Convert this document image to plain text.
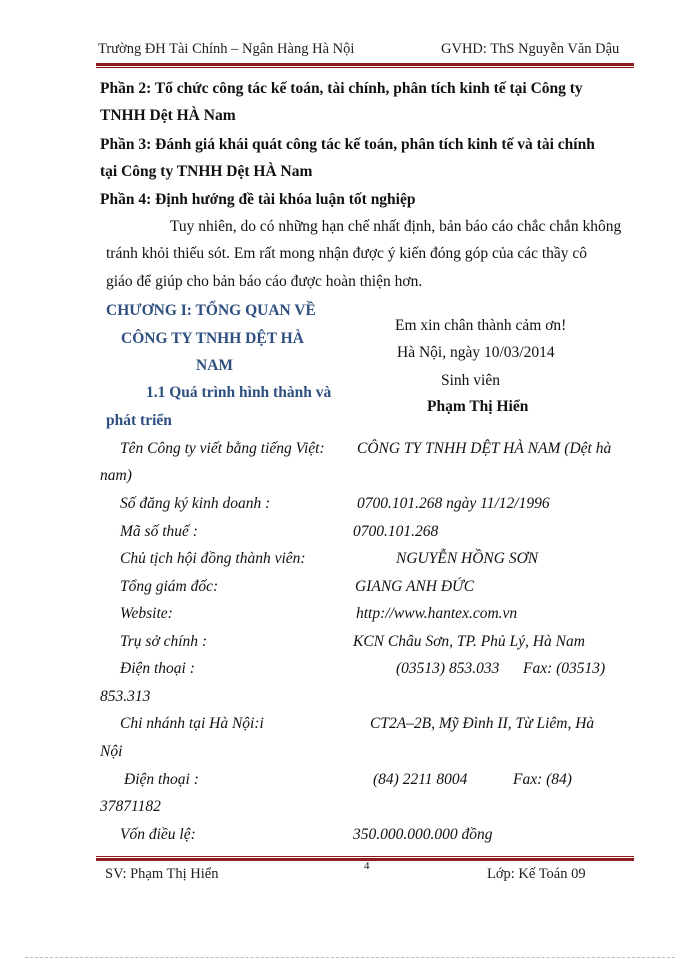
Trường ĐH Tài Chính – Ngân Hàng Hà Nội	GVHD: ThS Nguyễn Văn Dậu
Phần 2: Tổ chức công tác kế toán, tài chính, phân tích kinh tế tại Công ty
TNHH Dệt HÀ Nam
Phần 3: Đánh giá khái quát công tác kế toán, phân tích kinh tế và tài chính
tại Công ty TNHH Dệt HÀ Nam
Phần 4: Định hướng đề tài khóa luận tốt nghiệp
Tuy nhiên, do có những hạn chế nhất định, bản báo cáo chắc chắn không
tránh khỏi thiếu sót. Em rất mong nhận được ý kiến đóng góp của các thầy cô
giáo để giúp cho bản báo cáo được hoàn thiện hơn.
CHƯƠNG I: TỔNG QUAN VỀ
CÔNG TY TNHH DỆT HÀ
NAM
1.1 Quá trình hình thành và
phát triển
Em xin chân thành cảm ơn!
Hà Nội, ngày 10/03/2014
Sinh viên
Phạm Thị Hiển
Tên Công ty viết bằng tiếng Việt: CÔNG TY TNHH DỆT HÀ NAM (Dệt hà
nam)
Số đăng ký kinh doanh :	0700.101.268 ngày 11/12/1996
Mã số thuế :	0700.101.268
Chủ tịch hội đồng thành viên:	NGUYỄN HỒNG SƠN
Tổng giám đốc:	GIANG ANH ĐỨC
Website:	http://www.hantex.com.vn
Trụ sở chính :	KCN Châu Sơn, TP. Phủ Lý, Hà Nam
Điện thoại :	(03513) 853.033 Fax: (03513)
853.313
Chi nhánh tại Hà Nội:i	CT2A–2B, Mỹ Đình II, Từ Liêm, Hà
Nội
Điện thoại :	(84) 2211 8004	Fax: (84)
37871182
Vốn điều lệ:	350.000.000.000 đồng
4
SV: Phạm Thị Hiển	Lớp: Kế Toán 09
